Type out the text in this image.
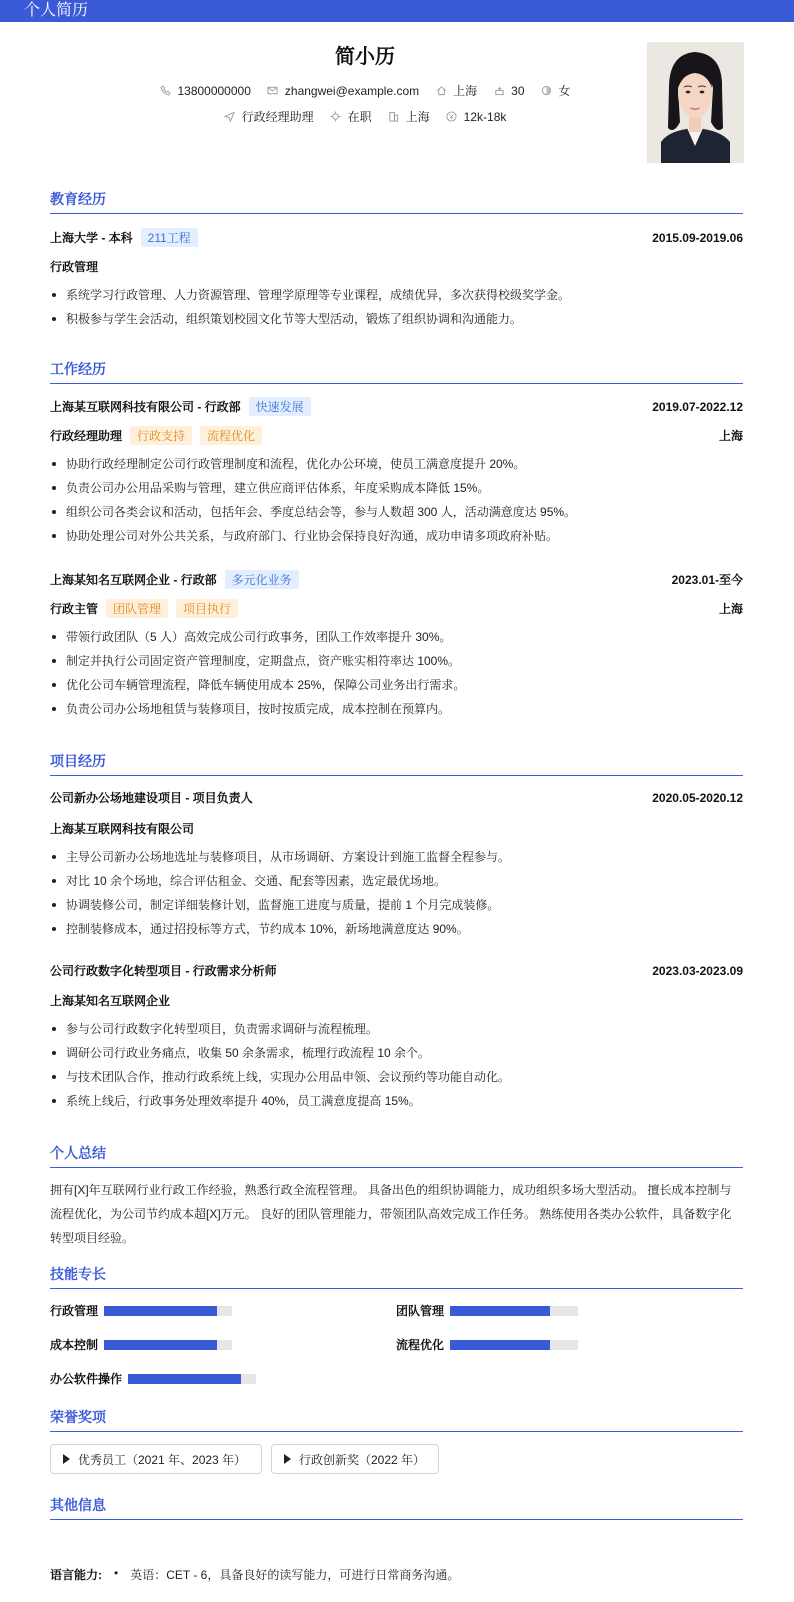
个人简历
简小历
13800000000	zhangwei@example.com	上海	30	女
行政经理助理	在职	上海	12k-18k
教育经历
上海大学 - 本科	211工程	2015.09-2019.06
行政管理
系统学习行政管理、人力资源管理、管理学原理等专业课程，成绩优异，多次获得校级奖学金。
积极参与学生会活动，组织策划校园文化节等大型活动，锻炼了组织协调和沟通能力。
工作经历
上海某互联网科技有限公司 - 行政部	快速发展	2019.07-2022.12
行政经理助理	行政支持	流程优化	上海
协助行政经理制定公司行政管理制度和流程，优化办公环境，使员工满意度提升 20%。
负责公司办公用品采购与管理，建立供应商评估体系，年度采购成本降低 15%。
组织公司各类会议和活动，包括年会、季度总结会等，参与人数超 300 人，活动满意度达 95%。
协助处理公司对外公共关系，与政府部门、行业协会保持良好沟通，成功申请多项政府补贴。
上海某知名互联网企业 - 行政部	多元化业务	2023.01-至今
行政主管	团队管理	项目执行	上海
带领行政团队（5 人）高效完成公司行政事务，团队工作效率提升 30%。
制定并执行公司固定资产管理制度，定期盘点，资产账实相符率达 100%。
优化公司车辆管理流程，降低车辆使用成本 25%，保障公司业务出行需求。
负责公司办公场地租赁与装修项目，按时按质完成，成本控制在预算内。
项目经历
公司新办公场地建设项目 - 项目负责人	2020.05-2020.12
上海某互联网科技有限公司
主导公司新办公场地选址与装修项目，从市场调研、方案设计到施工监督全程参与。
对比 10 余个场地，综合评估租金、交通、配套等因素，选定最优场地。
协调装修公司，制定详细装修计划，监督施工进度与质量，提前 1 个月完成装修。
控制装修成本，通过招投标等方式，节约成本 10%，新场地满意度达 90%。
公司行政数字化转型项目 - 行政需求分析师	2023.03-2023.09
上海某知名互联网企业
参与公司行政数字化转型项目，负责需求调研与流程梳理。
调研公司行政业务痛点，收集 50 余条需求，梳理行政流程 10 余个。
与技术团队合作，推动行政系统上线，实现办公用品申领、会议预约等功能自动化。
系统上线后，行政事务处理效率提升 40%，员工满意度提高 15%。
个人总结
拥有[X]年互联网行业行政工作经验，熟悉行政全流程管理。 具备出色的组织协调能力，成功组织多场大型活动。 擅长成本控制与
流程优化，为公司节约成本超[X]万元。 良好的团队管理能力，带领团队高效完成工作任务。 熟练使用各类办公软件，具备数字化
转型项目经验。
技能专长
行政管理	团队管理
成本控制	流程优化
办公软件操作
荣誉奖项
优秀员工（2021 年、2023 年）	行政创新奖（2022 年）
其他信息
语言能力: • 英语：CET - 6，具备良好的读写能力，可进行日常商务沟通。
